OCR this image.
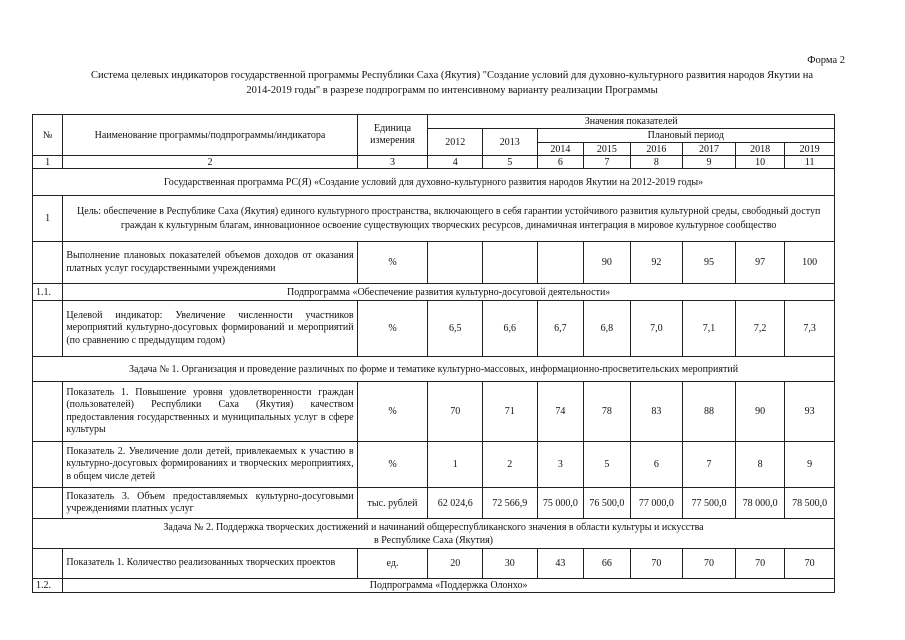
Форма 2
Система целевых индикаторов государственной программы Республики Саха (Якутия) "Создание условий для духовно-культурного развития народов Якутии на
2014-2019 годы" в разрезе подпрограмм по интенсивному варианту реализации Программы
№	Наименование программы/подпрограммы/индикатора	Единица измерения	Значения показателей							
			2012	2013	Плановый период					
					2014	2015	2016	2017	2018	2019
1	2	3	4	5	6	7	8	9	10	11
Государственная программа РС(Я) «Создание условий для духовно-культурного развития народов Якутии на 2012-2019 годы»										
1	Цель: обеспечение в Республике Саха (Якутия) единого культурного пространства, включающего в себя гарантии устойчивого развития культурной среды, свободный доступ граждан к культурным благам, инновационное освоение существующих творческих ресурсов, динамичная интеграция в мировое культурное сообщество									
	Выполнение плановых показателей объемов доходов от оказания платных услуг государственными учреждениями	%				90	92	95	97	100
1.1.	Подпрограмма «Обеспечение развития культурно-досуговой деятельности»									
	Целевой индикатор: Увеличение численности участников мероприятий культурно-досуговых формирований и мероприятий (по сравнению с предыдущим годом)	%	6,5	6,6	6,7	6,8	7,0	7,1	7,2	7,3
Задача № 1. Организация и проведение различных по форме и тематике культурно-массовых, информационно-просветительских мероприятий										
	Показатель 1. Повышение уровня удовлетворенности граждан (пользователей) Республики Саха (Якутия) качеством предоставления государственных и муниципальных услуг в сфере культуры	%	70	71	74	78	83	88	90	93
	Показатель 2. Увеличение доли детей, привлекаемых к участию в культурно-досуговых формированиях и творческих мероприятиях, в общем числе детей	%	1	2	3	5	6	7	8	9
	Показатель 3. Объем предоставляемых культурно-досуговыми учреждениями платных услуг	тыс. рублей	62 024,6	72 566,9	75 000,0	76 500,0	77 000,0	77 500,0	78 000,0	78 500,0

Задача № 2. Поддержка творческих достижений и начинаний общереспубликанского значения в области культуры и искусства
в Республике Саха (Якутия)										

	Показатель 1. Количество реализованных творческих проектов	ед.	20	30	43	66	70	70	70	70
1.2.	Подпрограмма «Поддержка Олонхо»									
